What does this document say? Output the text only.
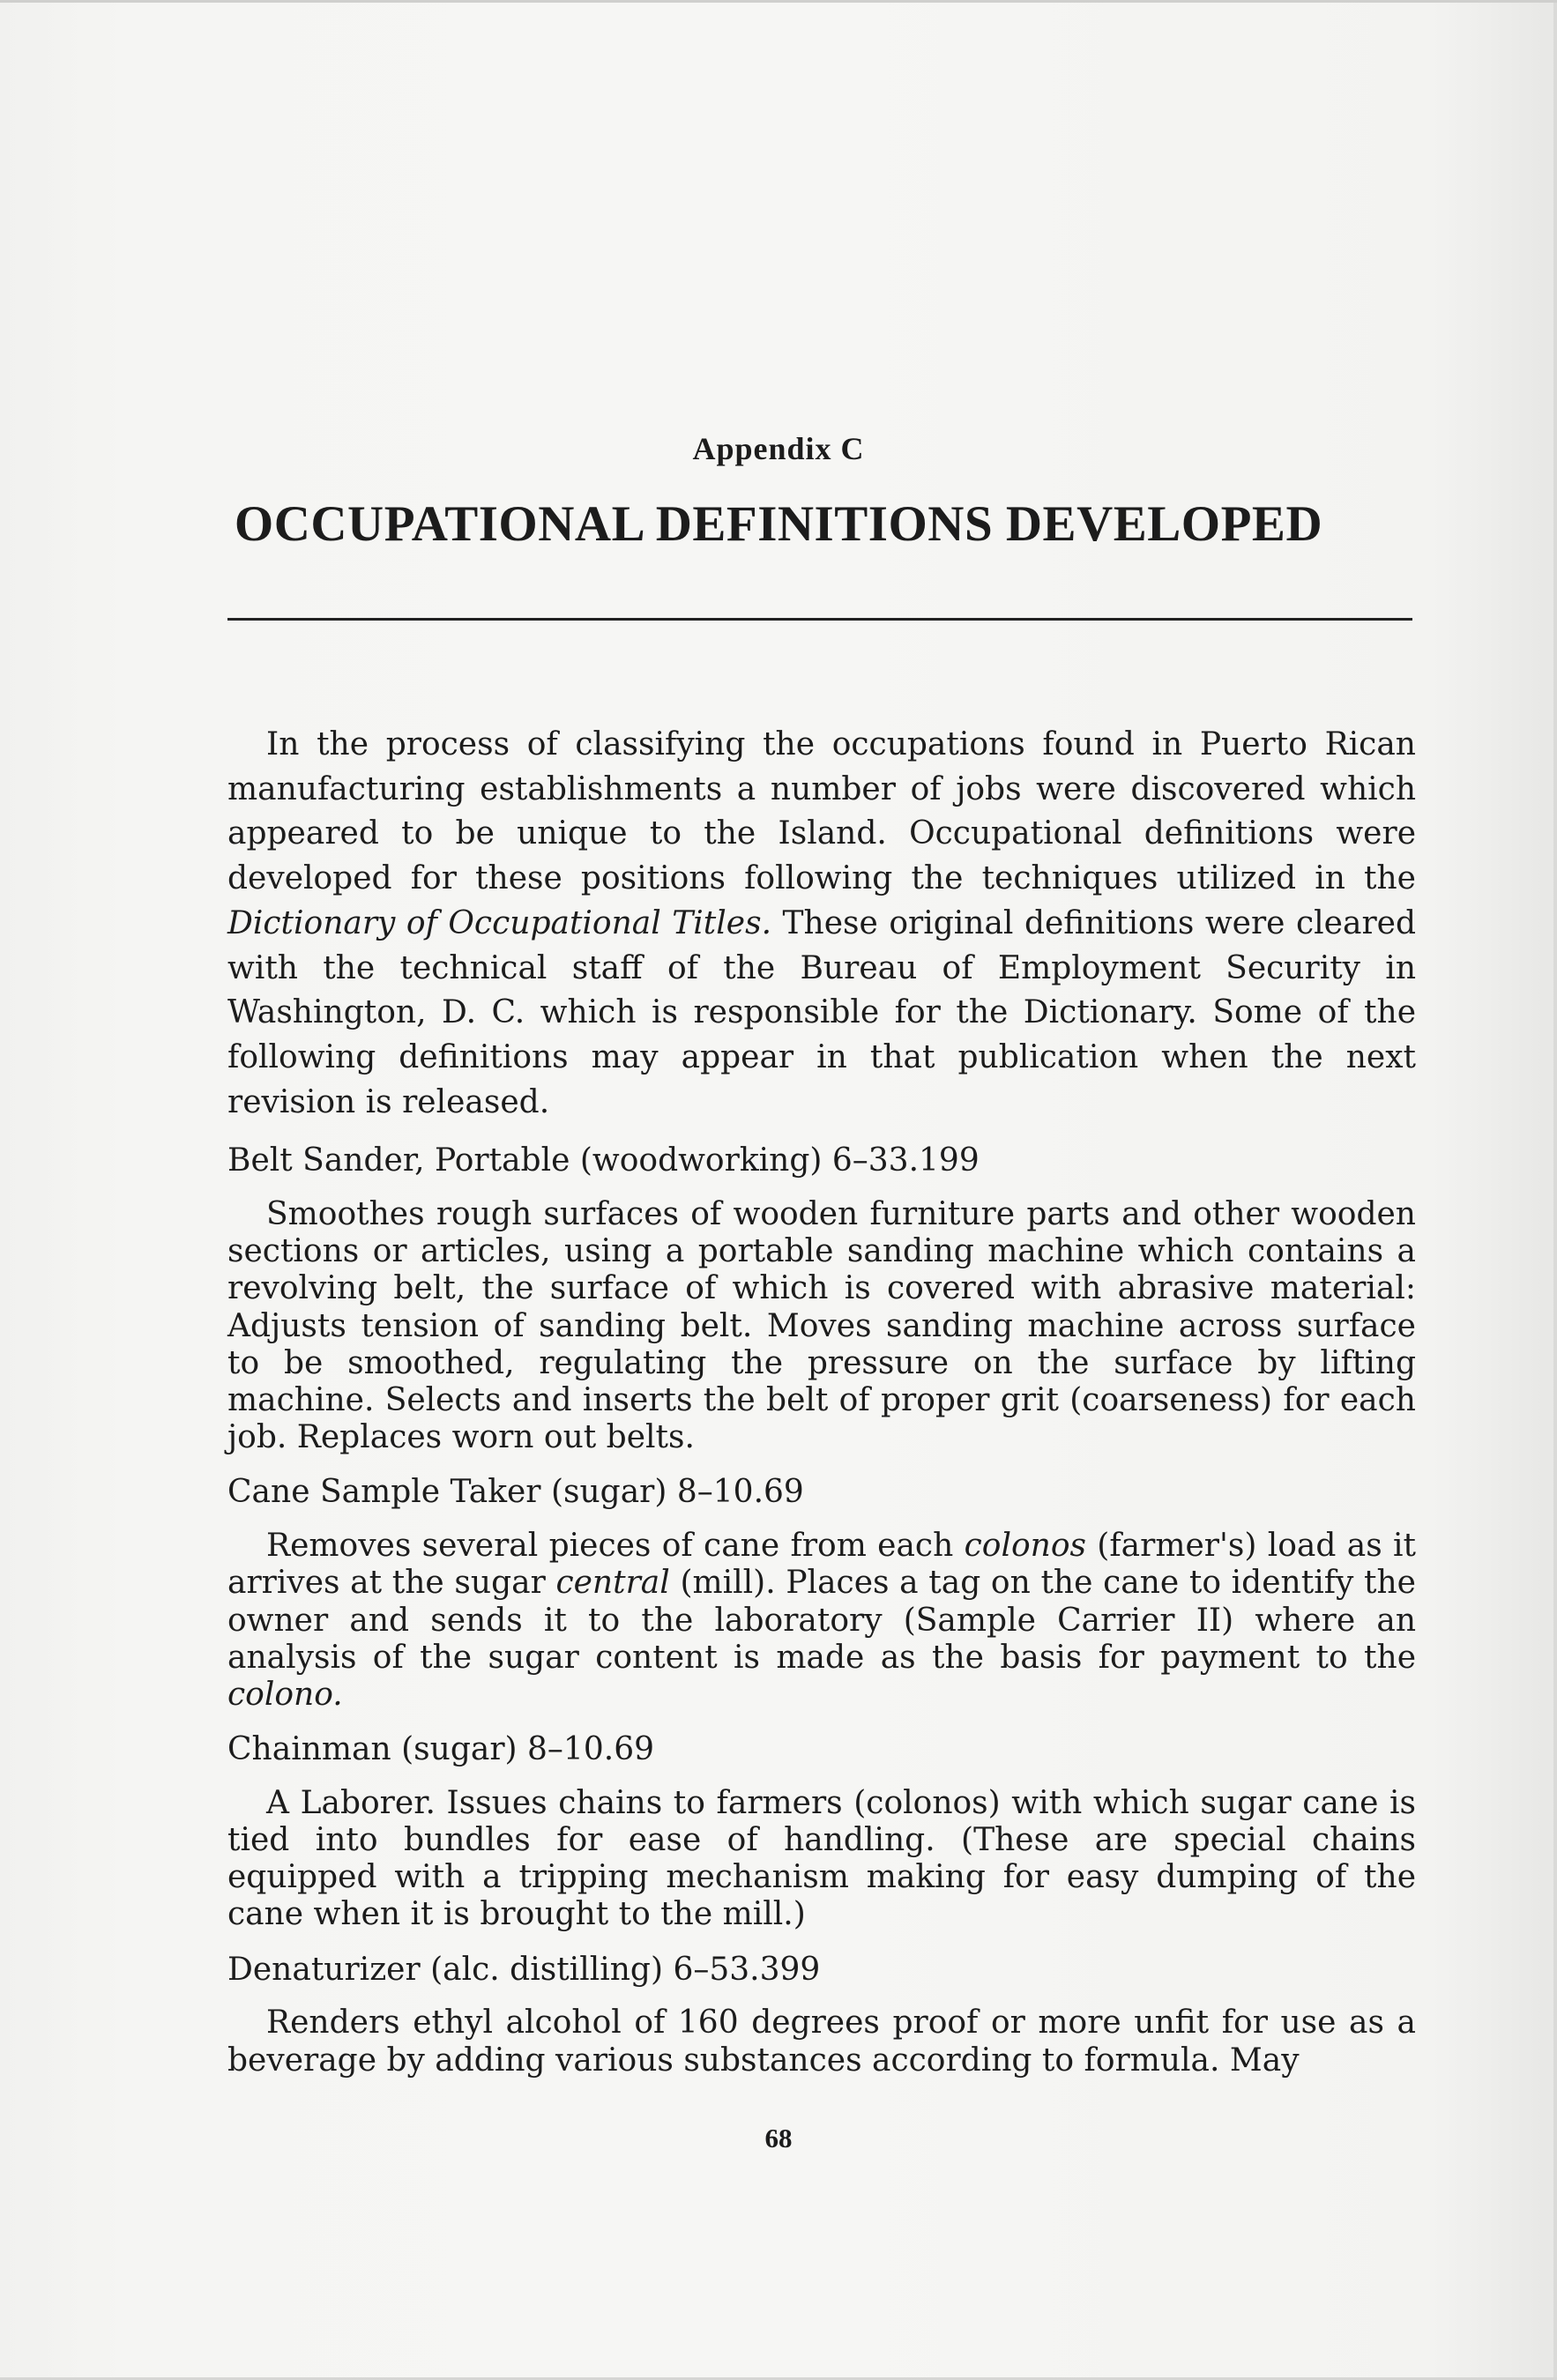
Appendix C
OCCUPATIONAL DEFINITIONS DEVELOPED

In the process of classifying the occupations found in Puerto Rican manufacturing establishments a number of jobs were discovered which appeared to be unique to the Island. Occupational definitions were developed for these positions following the techniques utilized in the Dictionary of Occupational Titles. These original definitions were cleared with the technical staff of the Bureau of Employment Security in Washington, D. C. which is responsible for the Dictionary. Some of the following definitions may appear in that publication when the next revision is released.

Belt Sander, Portable (woodworking) 6–33.199

Smoothes rough surfaces of wooden furniture parts and other wooden sections or articles, using a portable sanding machine which contains a revolving belt, the surface of which is covered with abrasive material: Adjusts tension of sanding belt. Moves sanding machine across surface to be smoothed, regulating the pressure on the surface by lifting machine. Selects and inserts the belt of proper grit (coarseness) for each job. Replaces worn out belts.

Cane Sample Taker (sugar) 8–10.69

Removes several pieces of cane from each colonos (farmer's) load as it arrives at the sugar central (mill). Places a tag on the cane to identify the owner and sends it to the laboratory (Sample Carrier II) where an analysis of the sugar content is made as the basis for payment to the colono.

Chainman (sugar) 8–10.69

A Laborer. Issues chains to farmers (colonos) with which sugar cane is tied into bundles for ease of handling. (These are special chains equipped with a tripping mechanism making for easy dumping of the cane when it is brought to the mill.)

Denaturizer (alc. distilling) 6–53.399

Renders ethyl alcohol of 160 degrees proof or more unfit for use as a beverage by adding various substances according to formula. May

68
